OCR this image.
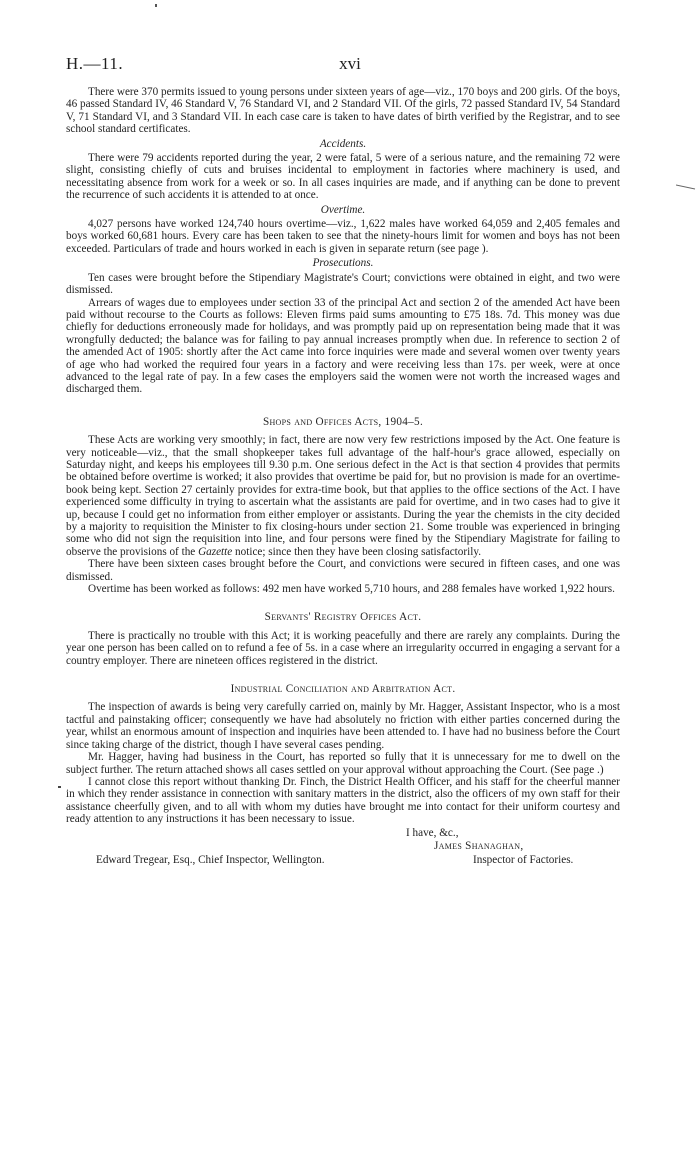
H.—11.	xvi

There were 370 permits issued to young persons under sixteen years of age—viz., 170 boys and 200 girls. Of the boys, 46 passed Standard IV, 46 Standard V, 76 Standard VI, and 2 Standard VII. Of the girls, 72 passed Standard IV, 54 Standard V, 71 Standard VI, and 3 Standard VII. In each case care is taken to have dates of birth verified by the Registrar, and to see school standard certificates.

Accidents.

There were 79 accidents reported during the year, 2 were fatal, 5 were of a serious nature, and the remaining 72 were slight, consisting chiefly of cuts and bruises incidental to employment in factories where machinery is used, and necessitating absence from work for a week or so. In all cases inquiries are made, and if anything can be done to prevent the recurrence of such accidents it is attended to at once.

Overtime.

4,027 persons have worked 124,740 hours overtime—viz., 1,622 males have worked 64,059 and 2,405 females and boys worked 60,681 hours. Every care has been taken to see that the ninety-hours limit for women and boys has not been exceeded. Particulars of trade and hours worked in each is given in separate return (see page ).

Prosecutions.

Ten cases were brought before the Stipendiary Magistrate's Court; convictions were obtained in eight, and two were dismissed.

Arrears of wages due to employees under section 33 of the principal Act and section 2 of the amended Act have been paid without recourse to the Courts as follows: Eleven firms paid sums amounting to £75 18s. 7d. This money was due chiefly for deductions erroneously made for holidays, and was promptly paid up on representation being made that it was wrongfully deducted; the balance was for failing to pay annual increases promptly when due. In reference to section 2 of the amended Act of 1905: shortly after the Act came into force inquiries were made and several women over twenty years of age who had worked the required four years in a factory and were receiving less than 17s. per week, were at once advanced to the legal rate of pay. In a few cases the employers said the women were not worth the increased wages and discharged them.

Shops and Offices Acts, 1904–5.

These Acts are working very smoothly; in fact, there are now very few restrictions imposed by the Act. One feature is very noticeable—viz., that the small shopkeeper takes full advantage of the half-hour's grace allowed, especially on Saturday night, and keeps his employees till 9.30 p.m. One serious defect in the Act is that section 4 provides that permits be obtained before overtime is worked; it also provides that overtime be paid for, but no provision is made for an overtime-book being kept. Section 27 certainly provides for extra-time book, but that applies to the office sections of the Act. I have experienced some difficulty in trying to ascertain what the assistants are paid for overtime, and in two cases had to give it up, because I could get no information from either employer or assistants. During the year the chemists in the city decided by a majority to requisition the Minister to fix closing-hours under section 21. Some trouble was experienced in bringing some who did not sign the requisition into line, and four persons were fined by the Stipendiary Magistrate for failing to observe the provisions of the Gazette notice; since then they have been closing satisfactorily.

There have been sixteen cases brought before the Court, and convictions were secured in fifteen cases, and one was dismissed.

Overtime has been worked as follows: 492 men have worked 5,710 hours, and 288 females have worked 1,922 hours.

Servants' Registry Offices Act.

There is practically no trouble with this Act; it is working peacefully and there are rarely any complaints. During the year one person has been called on to refund a fee of 5s. in a case where an irregularity occurred in engaging a servant for a country employer. There are nineteen offices registered in the district.

Industrial Conciliation and Arbitration Act.

The inspection of awards is being very carefully carried on, mainly by Mr. Hagger, Assistant Inspector, who is a most tactful and painstaking officer; consequently we have had absolutely no friction with either parties concerned during the year, whilst an enormous amount of inspection and inquiries have been attended to. I have had no business before the Court since taking charge of the district, though I have several cases pending.

Mr. Hagger, having had business in the Court, has reported so fully that it is unnecessary for me to dwell on the subject further. The return attached shows all cases settled on your approval without approaching the Court. (See page .)

I cannot close this report without thanking Dr. Finch, the District Health Officer, and his staff for the cheerful manner in which they render assistance in connection with sanitary matters in the district, also the officers of my own staff for their assistance cheerfully given, and to all with whom my duties have brought me into contact for their uniform courtesy and ready attention to any instructions it has been necessary to issue.

I have, &c.,
James Shanaghan,
Edward Tregear, Esq., Chief Inspector, Wellington.	Inspector of Factories.
